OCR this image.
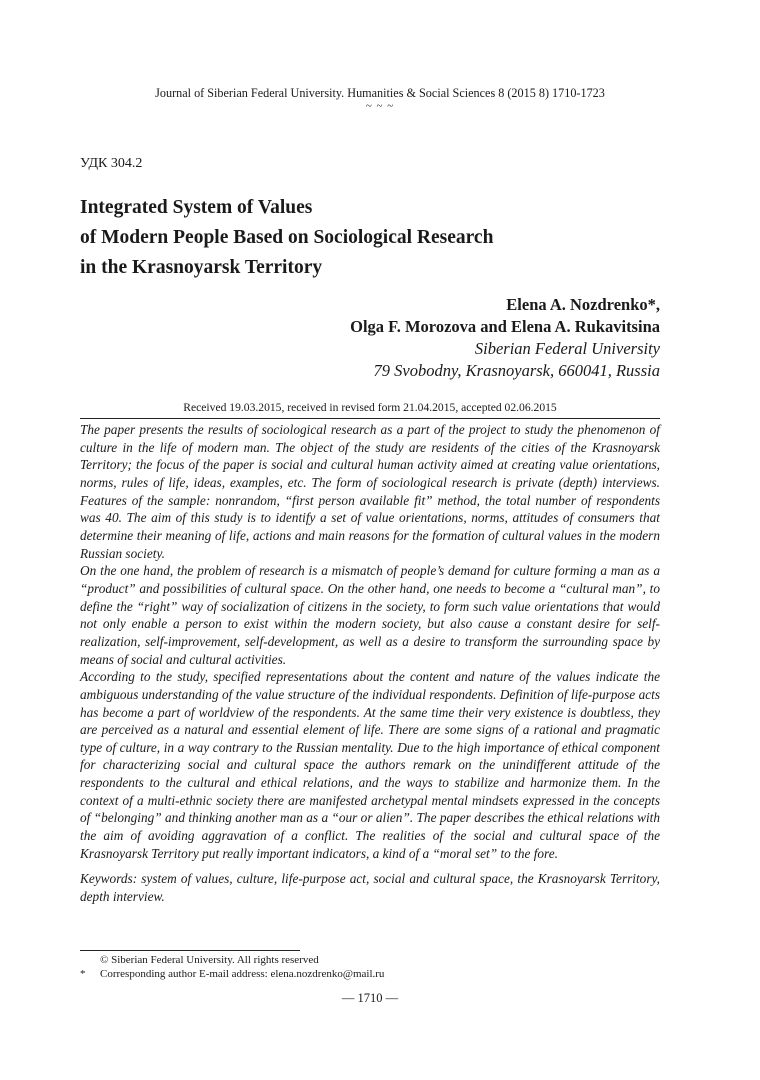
Journal of Siberian Federal University. Humanities & Social Sciences 8 (2015 8) 1710-1723
~ ~ ~
УДК 304.2
Integrated System of Values
of Modern People Based on Sociological Research
in the Krasnoyarsk Territory
Elena A. Nozdrenko*,
Olga F. Morozova and Elena A. Rukavitsina
Siberian Federal University
79 Svobodny, Krasnoyarsk, 660041, Russia
Received 19.03.2015, received in revised form 21.04.2015, accepted 02.06.2015

The paper presents the results of sociological research as a part of the project to study the phenomenon of culture in the life of modern man. The object of the study are residents of the cities of the Krasnoyarsk Territory; the focus of the paper is social and cultural human activity aimed at creating value orientations, norms, rules of life, ideas, examples, etc. The form of sociological research is private (depth) interviews. Features of the sample: nonrandom, “first person available fit” method, the total number of respondents was 40. The aim of this study is to identify a set of value orientations, norms, attitudes of consumers that determine their meaning of life, actions and main reasons for the formation of cultural values in the modern Russian society.

On the one hand, the problem of research is a mismatch of people’s demand for culture forming a man as a “product” and possibilities of cultural space. On the other hand, one needs to become a “cultural man”, to define the “right” way of socialization of citizens in the society, to form such value orientations that would not only enable a person to exist within the modern society, but also cause a constant desire for self-realization, self-improvement, self-development, as well as a desire to transform the surrounding space by means of social and cultural activities.

According to the study, specified representations about the content and nature of the values indicate the ambiguous understanding of the value structure of the individual respondents. Definition of life-purpose acts has become a part of worldview of the respondents. At the same time their very existence is doubtless, they are perceived as a natural and essential element of life. There are some signs of a rational and pragmatic type of culture, in a way contrary to the Russian mentality. Due to the high importance of ethical component for characterizing social and cultural space the authors remark on the unindifferent attitude of the respondents to the cultural and ethical relations, and the ways to stabilize and harmonize them. In the context of a multi-ethnic society there are manifested archetypal mental mindsets expressed in the concepts of “belonging” and thinking another man as a “our or alien”. The paper describes the ethical relations with the aim of avoiding aggravation of a conflict. The realities of the social and cultural space of the Krasnoyarsk Territory put really important indicators, a kind of a “moral set” to the fore.

Keywords: system of values, culture, life-purpose act, social and cultural space, the Krasnoyarsk Territory, depth interview.

© Siberian Federal University. All rights reserved
* Corresponding author E-mail address: elena.nozdrenko@mail.ru
— 1710 —
